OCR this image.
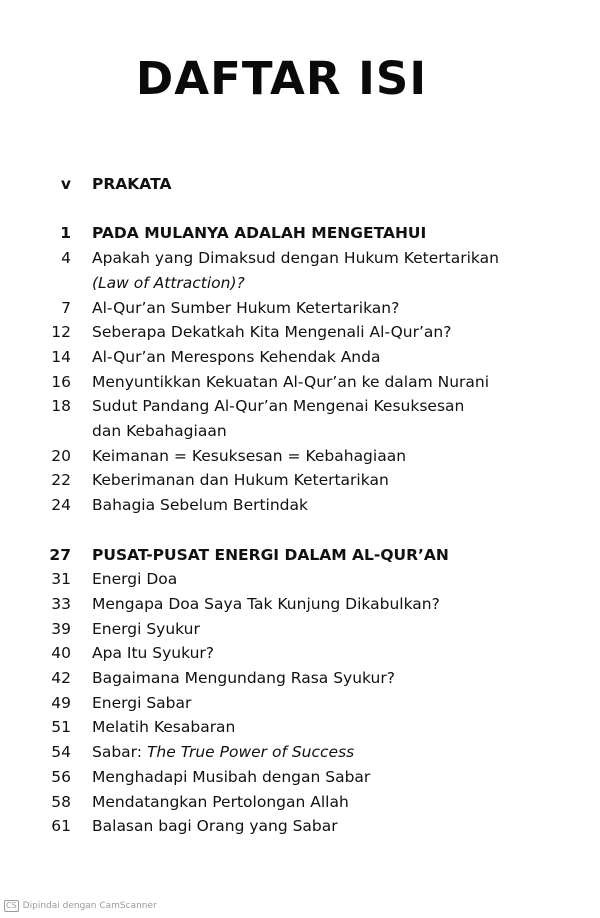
DAFTAR ISI
v PRAKATA
1 PADA MULANYA ADALAH MENGETAHUI
4 Apakah yang Dimaksud dengan Hukum Ketertarikan
(Law of Attraction)?
7 Al-Qur’an Sumber Hukum Ketertarikan?
12 Seberapa Dekatkah Kita Mengenali Al-Qur’an?
14 Al-Qur’an Merespons Kehendak Anda
16 Menyuntikkan Kekuatan Al-Qur’an ke dalam Nurani
18 Sudut Pandang Al-Qur’an Mengenai Kesuksesan
dan Kebahagiaan
20 Keimanan = Kesuksesan = Kebahagiaan
22 Keberimanan dan Hukum Ketertarikan
24 Bahagia Sebelum Bertindak
27 PUSAT-PUSAT ENERGI DALAM AL-QUR’AN
31 Energi Doa
33 Mengapa Doa Saya Tak Kunjung Dikabulkan?
39 Energi Syukur
40 Apa Itu Syukur?
42 Bagaimana Mengundang Rasa Syukur?
49 Energi Sabar
51 Melatih Kesabaran
54 Sabar: The True Power of Success
56 Menghadapi Musibah dengan Sabar
58 Mendatangkan Pertolongan Allah
61 Balasan bagi Orang yang Sabar
CS Dipindai dengan CamScanner
